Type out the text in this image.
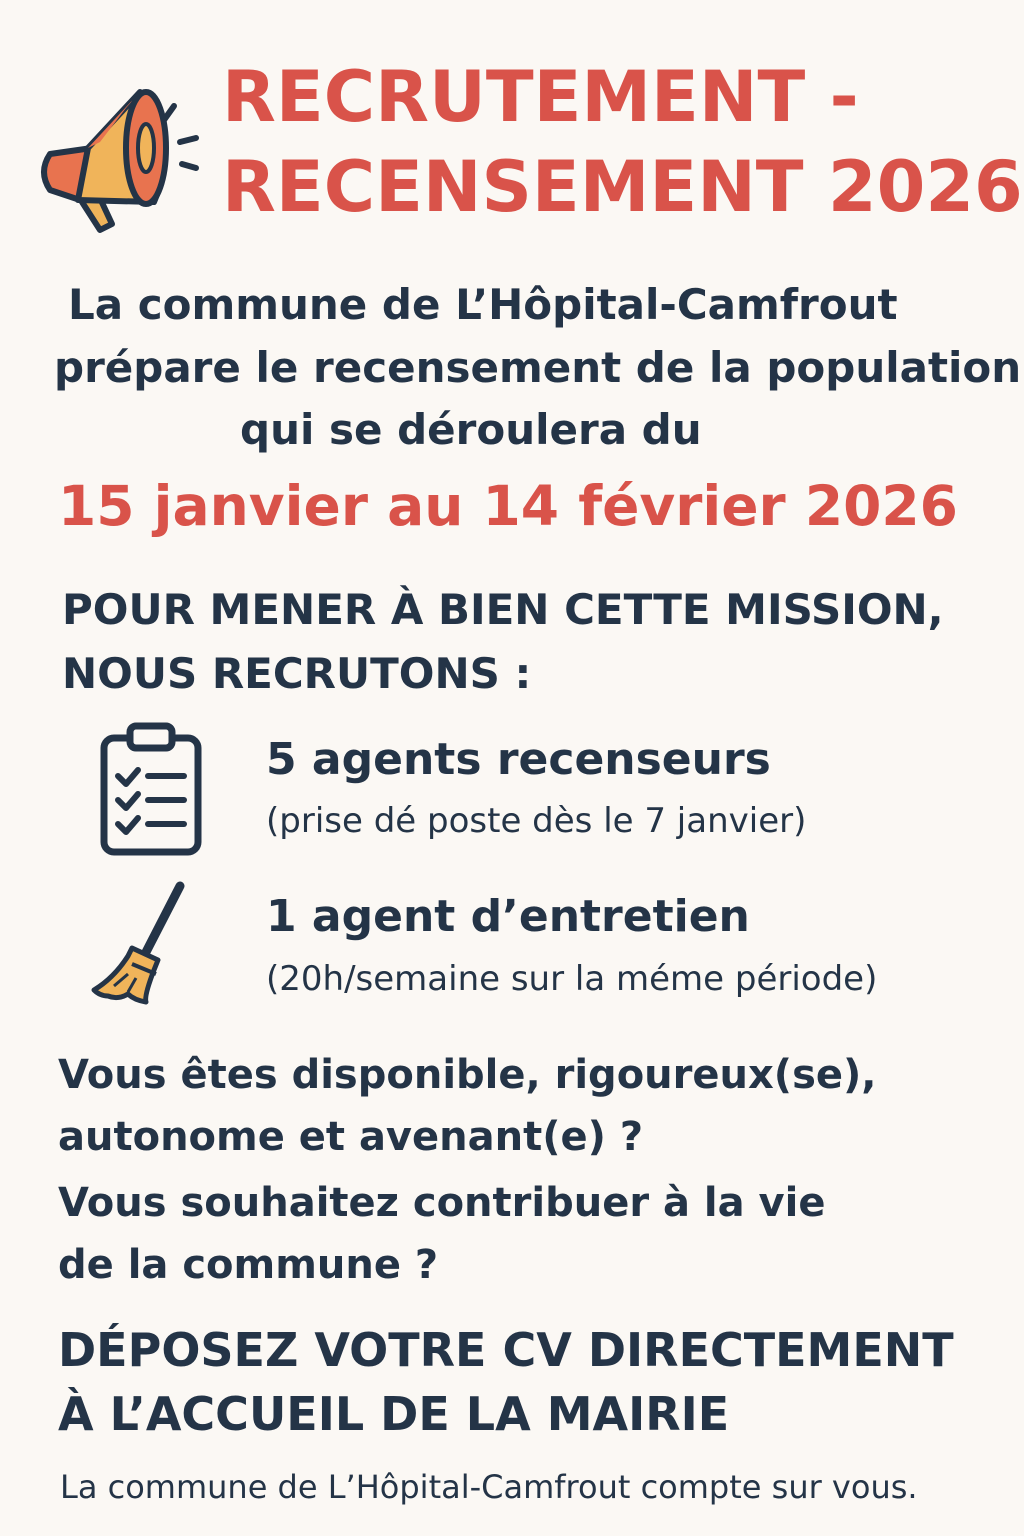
RECRUTEMENT -
RECENSEMENT 2026
La commune de L’Hôpital-Camfrout
prépare le recensement de la population
qui se déroulera du
15 janvier au 14 février 2026
POUR MENER À BIEN CETTE MISSION,
NOUS RECRUTONS :
5 agents recenseurs
(prise dé poste dès le 7 janvier)
1 agent d’entretien
(20h/semaine sur la méme période)
Vous êtes disponible, rigoureux(se),
autonome et avenant(e) ?
Vous souhaitez contribuer à la vie
de la commune ?
DÉPOSEZ VOTRE CV DIRECTEMENT
À L’ACCUEIL DE LA MAIRIE
La commune de L’Hôpital-Camfrout compte sur vous.
